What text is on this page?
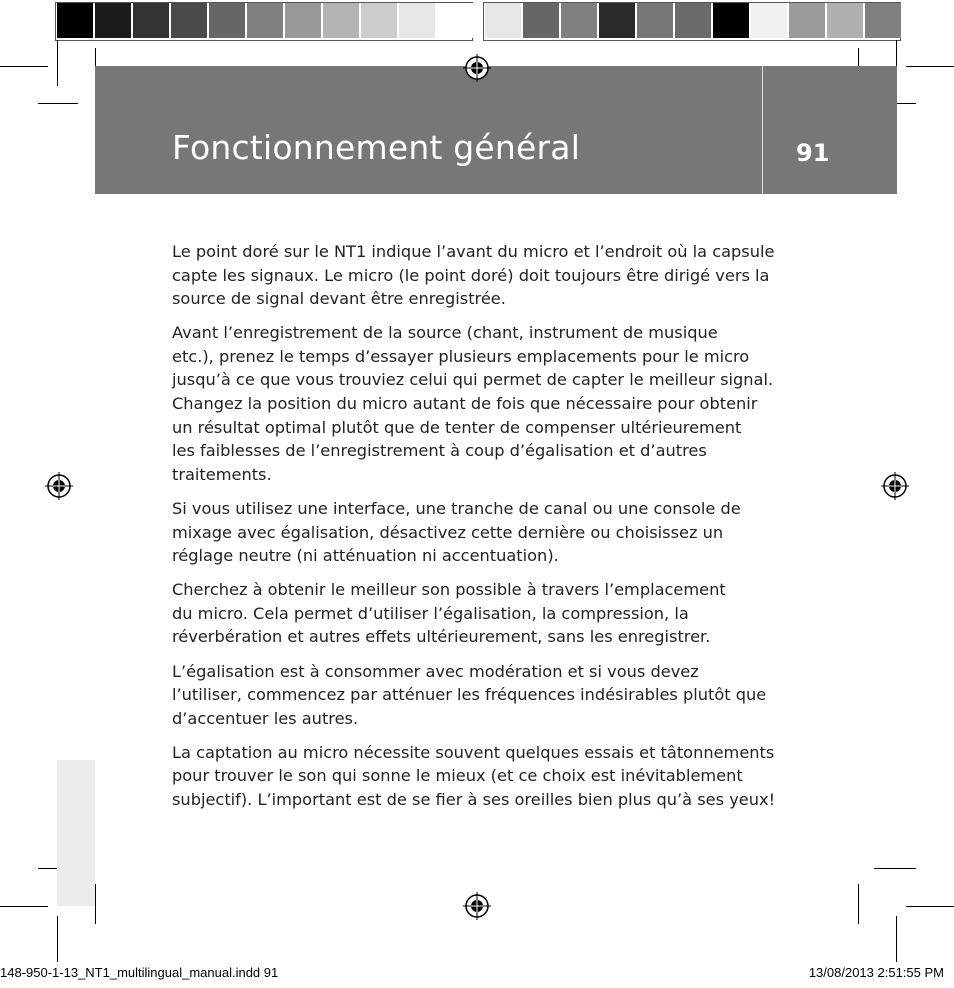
Fonctionnement général	91

Le point doré sur le NT1 indique l’avant du micro et l’endroit où la capsule
capte les signaux. Le micro (le point doré) doit toujours être dirigé vers la
source de signal devant être enregistrée.

Avant l’enregistrement de la source (chant, instrument de musique
etc.), prenez le temps d’essayer plusieurs emplacements pour le micro
jusqu’à ce que vous trouviez celui qui permet de capter le meilleur signal.
Changez la position du micro autant de fois que nécessaire pour obtenir
un résultat optimal plutôt que de tenter de compenser ultérieurement
les faiblesses de l’enregistrement à coup d’égalisation et d’autres
traitements.

Si vous utilisez une interface, une tranche de canal ou une console de
mixage avec égalisation, désactivez cette dernière ou choisissez un
réglage neutre (ni atténuation ni accentuation).

Cherchez à obtenir le meilleur son possible à travers l’emplacement
du micro. Cela permet d’utiliser l’égalisation, la compression, la
réverbération et autres effets ultérieurement, sans les enregistrer.

L’égalisation est à consommer avec modération et si vous devez
l’utiliser, commencez par atténuer les fréquences indésirables plutôt que
d’accentuer les autres.

La captation au micro nécessite souvent quelques essais et tâtonnements
pour trouver le son qui sonne le mieux (et ce choix est inévitablement
subjectif). L’important est de se fier à ses oreilles bien plus qu’à ses yeux!

148-950-1-13_NT1_multilingual_manual.indd 91	13/08/2013 2:51:55 PM
